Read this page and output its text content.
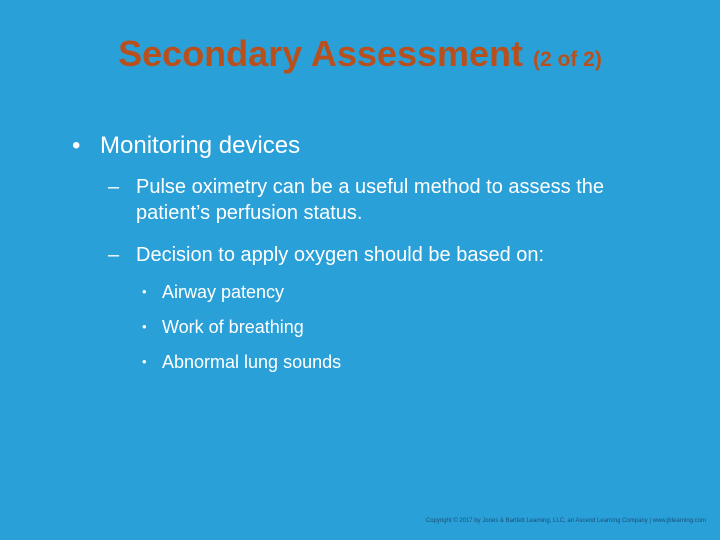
Secondary Assessment (2 of 2)
• Monitoring devices
– Pulse oximetry can be a useful method to assess the patient’s perfusion status.
– Decision to apply oxygen should be based on:
• Airway patency
• Work of breathing
• Abnormal lung sounds
Copyright © 2017 by Jones & Bartlett Learning, LLC, an Ascend Learning Company | www.jblearning.com
